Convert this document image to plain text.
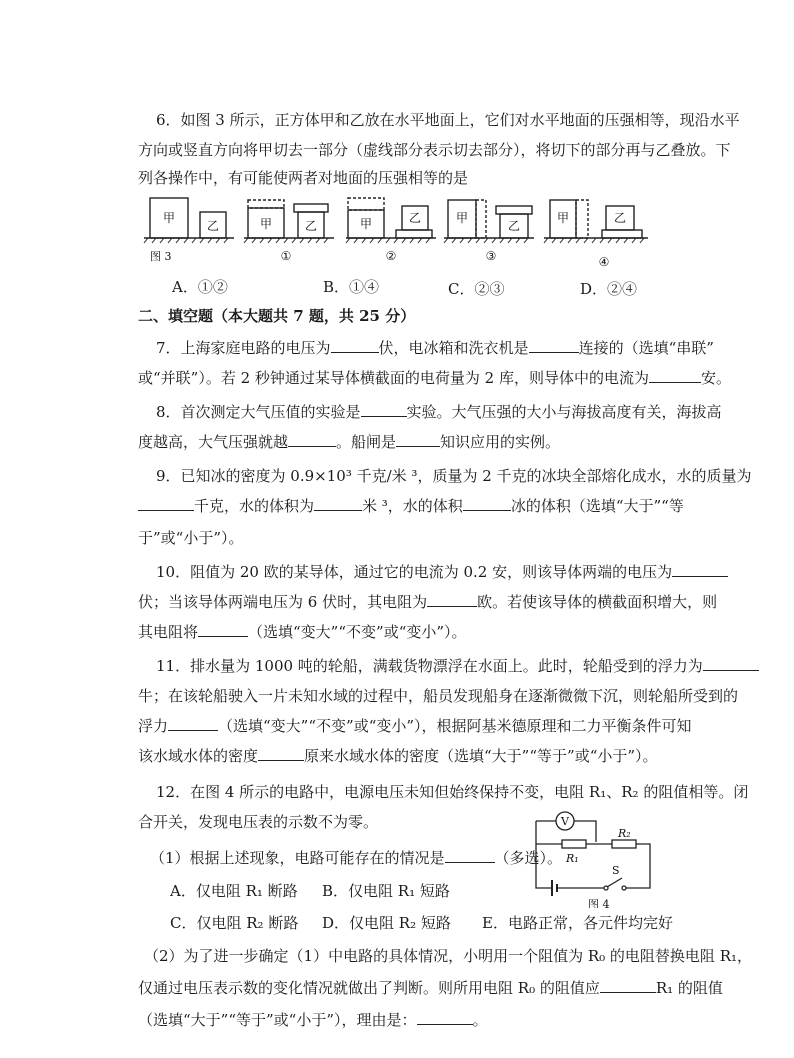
6．如图 3 所示，正方体甲和乙放在水平地面上，它们对水平地面的压强相等，现沿水平
方向或竖直方向将甲切去一部分（虚线部分表示切去部分），将切下的部分再与乙叠放。下
列各操作中，有可能使两者对地面的压强相等的是
甲
乙	甲	乙	甲	乙	甲
乙
甲	乙
图 3	①	②	③	④
A．①②	B．①④	C．②③	D．②④
二、填空题（本大题共 7 题，共 25 分）
7．上海家庭电路的电压为	伏，电冰箱和洗衣机是	连接的（选填“串联”
或“并联”）。若 2 秒钟通过某导体横截面的电荷量为 2 库，则导体中的电流为	安。
8．首次测定大气压值的实验是	实验。大气压强的大小与海拔高度有关，海拔高
度越高，大气压强就越	。船闸是	知识应用的实例。
9．已知冰的密度为 0.9×10³ 千克/米 ³，质量为 2 千克的冰块全部熔化成水，水的质量为
千克，水的体积为	米 ³，水的体积	冰的体积（选填“大于”“等
于”或“小于”）。
10．阻值为 20 欧的某导体，通过它的电流为 0.2 安，则该导体两端的电压为
伏；当该导体两端电压为 6 伏时，其电阻为	欧。若使该导体的横截面积增大，则
其电阻将	（选填“变大”“不变”或“变小”）。
11．排水量为 1000 吨的轮船，满载货物漂浮在水面上。此时，轮船受到的浮力为
牛；在该轮船驶入一片未知水域的过程中，船员发现船身在逐渐微微下沉，则轮船所受到的
浮力	（选填“变大”“不变”或“变小”），根据阿基米德原理和二力平衡条件可知
该水域水体的密度	原来水域水体的密度（选填“大于”“等于”或“小于”）。
12．在图 4 所示的电路中，电源电压未知但始终保持不变，电阻 R₁、R₂ 的阻值相等。闭
合开关，发现电压表的示数不为零。
（1）根据上述现象，电路可能存在的情况是	（多选）。
A．仅电阻 R₁ 断路 B．仅电阻 R₁ 短路
C．仅电阻 R₂ 断路 D．仅电阻 R₂ 短路 E．电路正常，各元件均完好
V
R₂
R₁
S
图 4
（2）为了进一步确定（1）中电路的具体情况，小明用一个阻值为 R₀ 的电阻替换电阻 R₁，
仅通过电压表示数的变化情况就做出了判断。则所用电阻 R₀ 的阻值应	R₁ 的阻值
（选填“大于”“等于”或“小于”），理由是：	。
